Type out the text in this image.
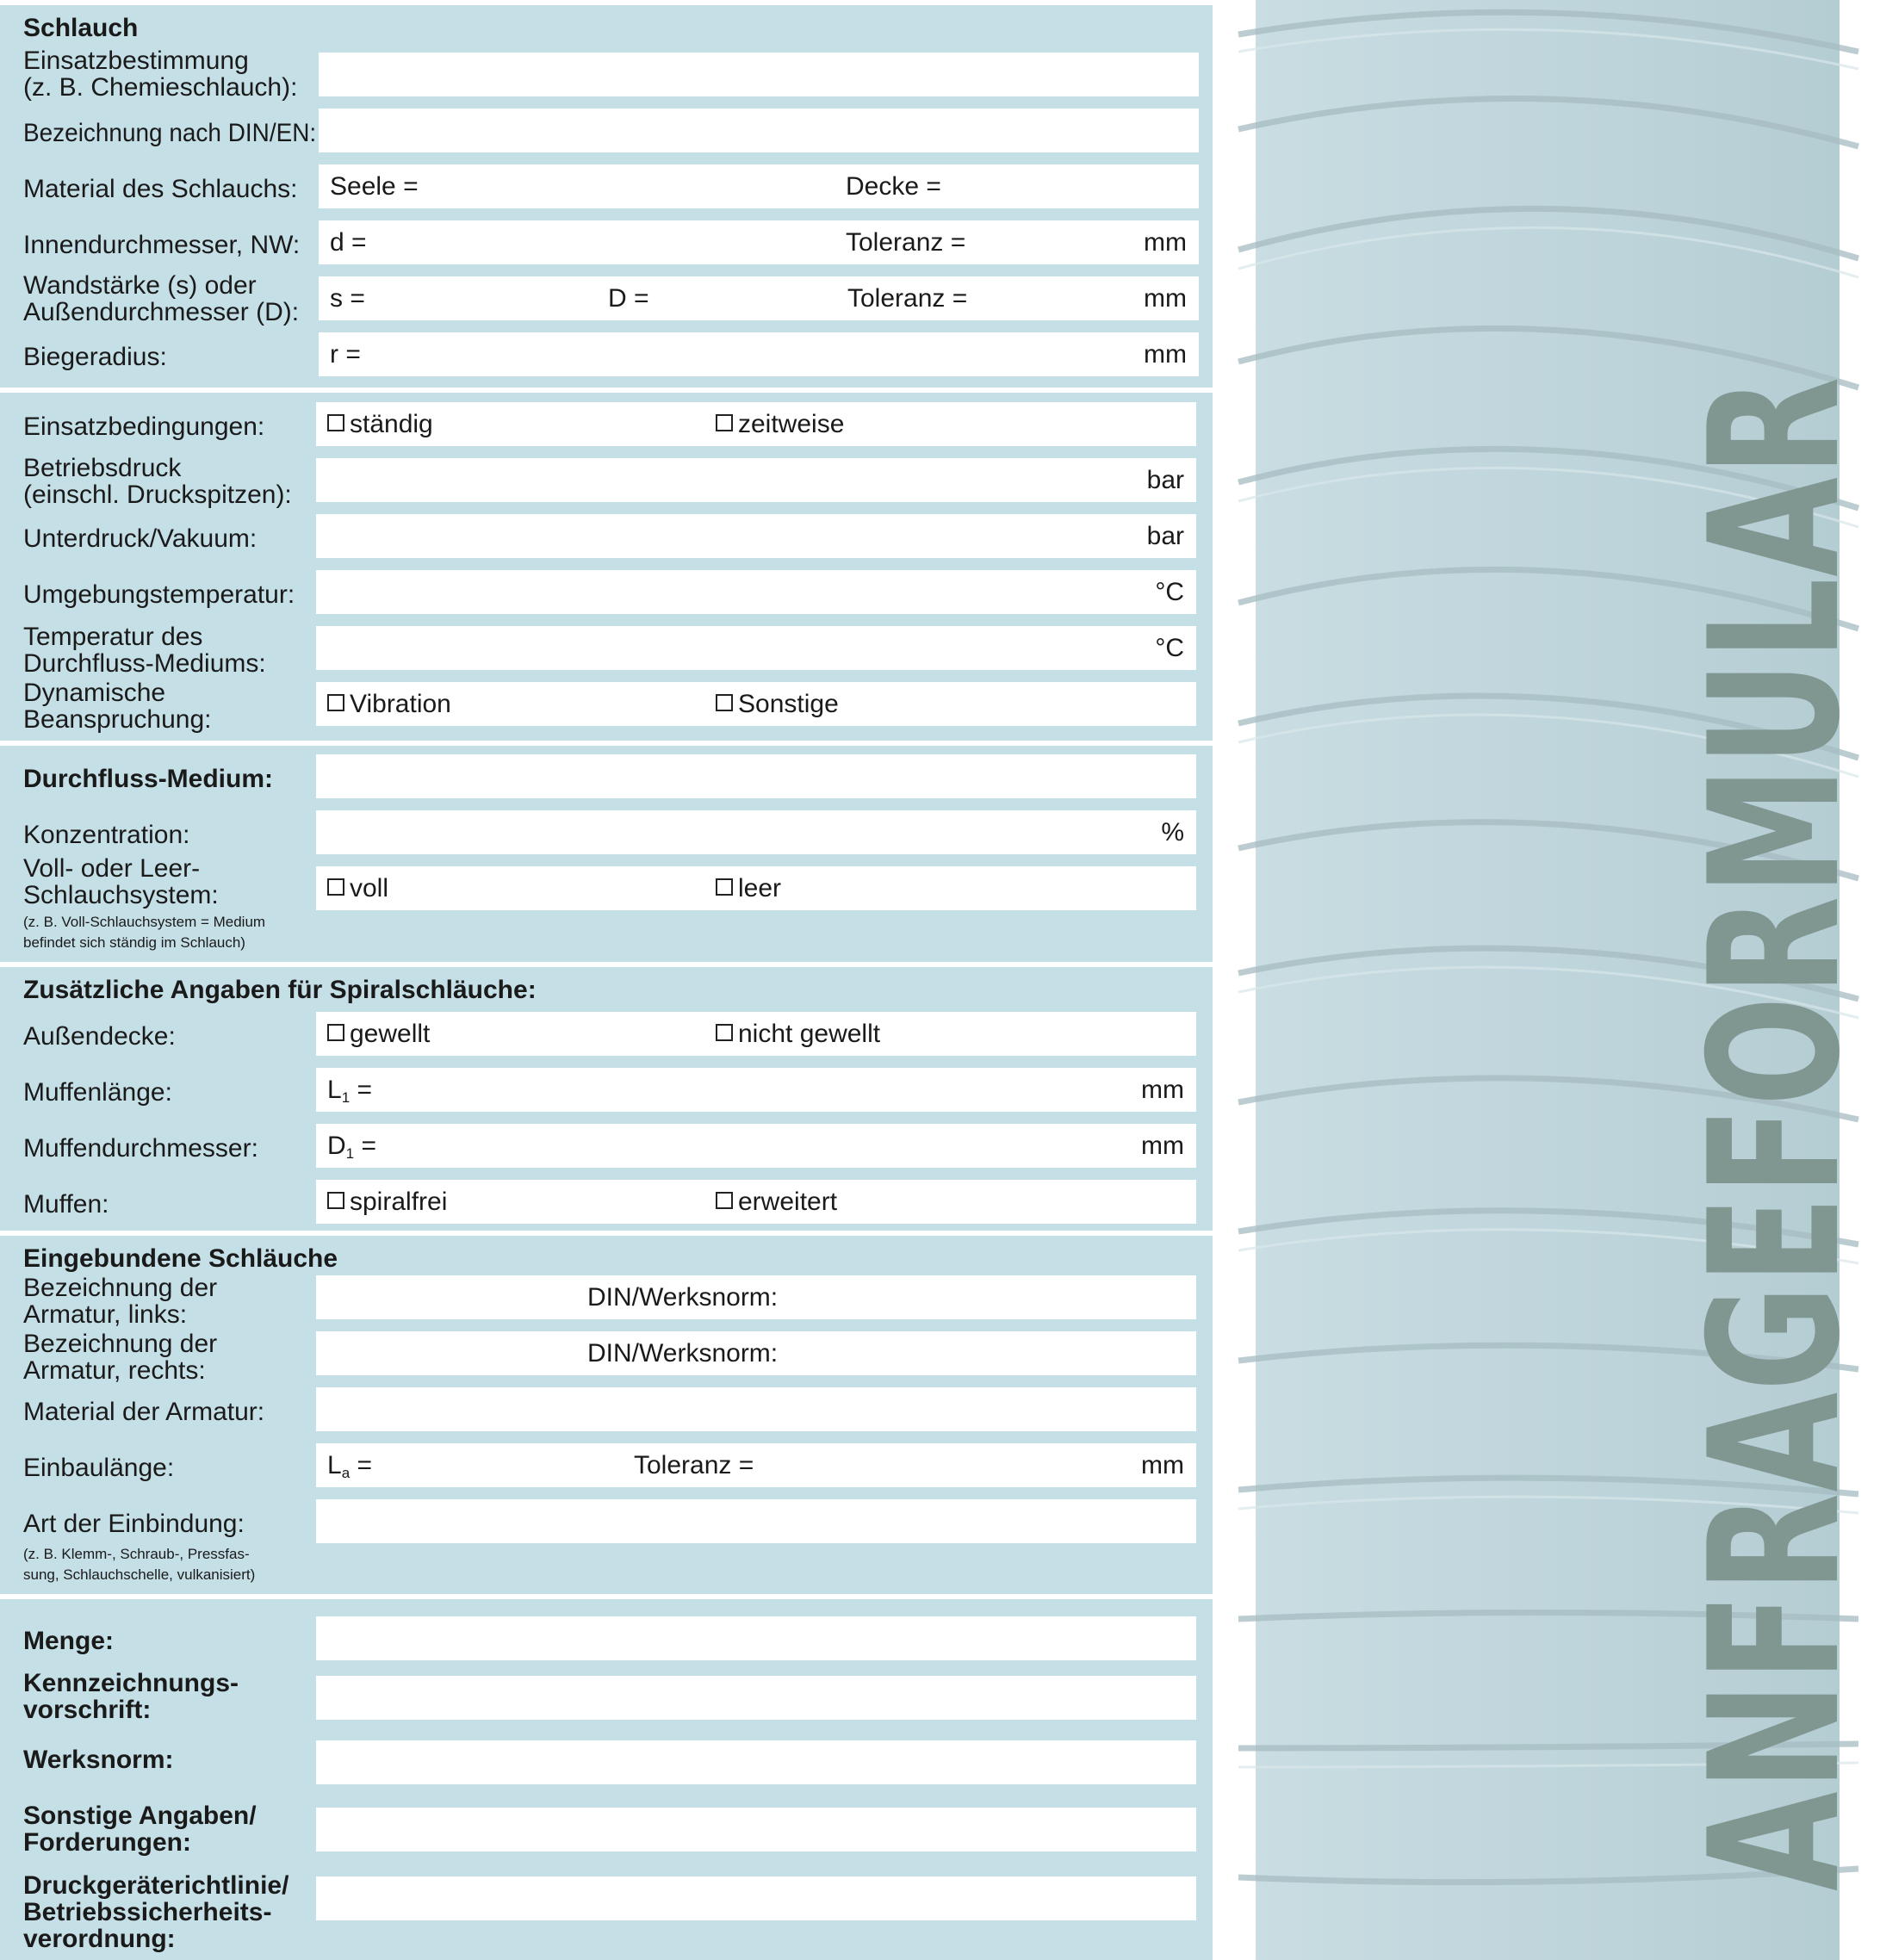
Schlauch
Einsatzbestimmung
(z. B. Chemieschlauch):
Bezeichnung nach DIN/EN:
Material des Schlauchs: Seele =	Decke =
Innendurchmesser, NW: d =	Toleranz =	mm
Wandstärke (s) oder
Außendurchmesser (D): s =	D =	Toleranz =	mm
Biegeradius:	r =	mm
Einsatzbedingungen:	ständig	zeitweise
Betriebsdruck
(einschl. Druckspitzen):
bar
Unterdruck/Vakuum:	bar
Umgebungstemperatur:	°C
Temperatur des
Durchfluss-Mediums:
°C
Dynamische
Beanspruchung:
Vibration	Sonstige
Durchfluss-Medium:
Konzentration:	%
Voll- oder Leer-
Schlauchsystem:
(z. B. Voll-Schlauchsystem = Medium
befindet sich ständig im Schlauch)
voll	leer
Zusätzliche Angaben für Spiralschläuche:
Außendecke:	gewellt	nicht gewellt
Muffenlänge:	$L_1$ =	mm
Muffendurchmesser:	$D_1$ =	mm
Muffen:	spiralfrei	erweitert
Eingebundene Schläuche
Bezeichnung der
Armatur, links:
DIN/Werksnorm:
Bezeichnung der
Armatur, rechts:
DIN/Werksnorm:
Material der Armatur:
Einbaulänge:	$L_a$ =	Toleranz =	mm
Art der Einbindung:
(z. B. Klemm-, Schraub-, Pressfas-
sung, Schlauchschelle, vulkanisiert)
Menge:
Kennzeichnungs-
vorschrift:
Werksnorm:
Sonstige Angaben/
Forderungen:
Druckgeräterichtlinie/
Betriebssicherheits-
verordnung:
ANFRAGEFORMULAR
